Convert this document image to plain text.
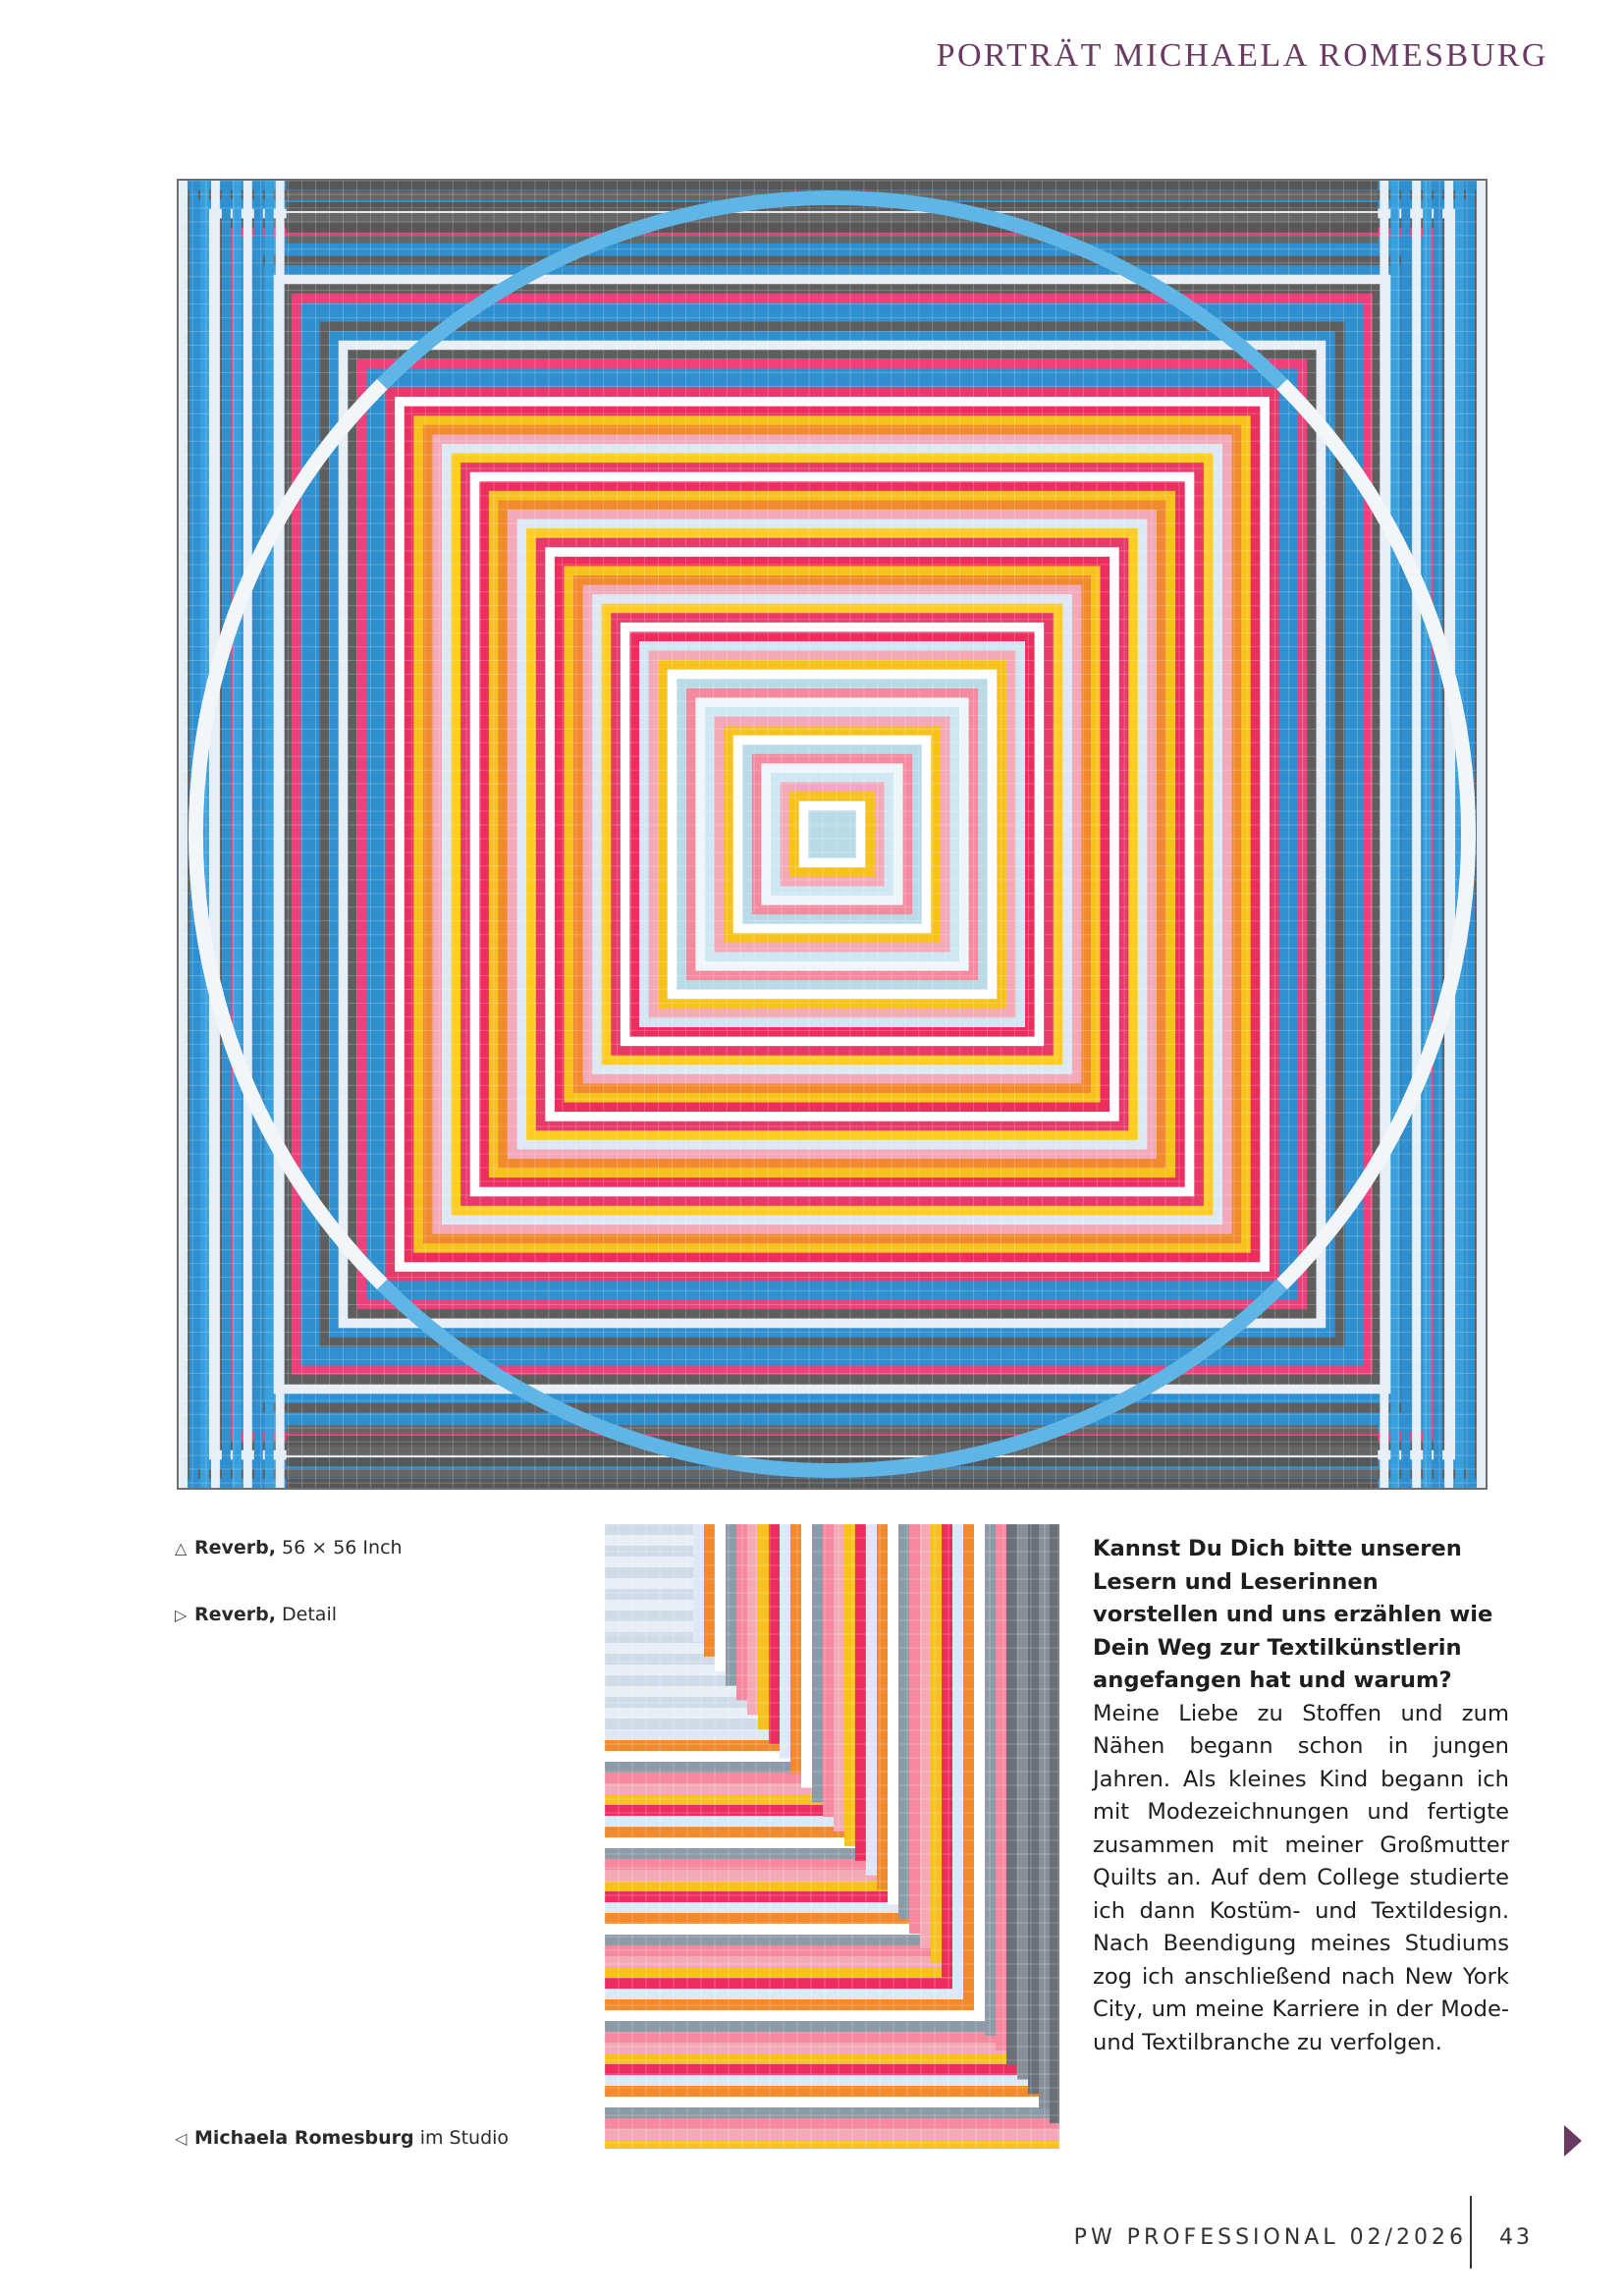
PORTRÄT MICHAELA ROMESBURG
△ Reverb, 56 × 56 Inch
▷ Reverb, Detail
◁ Michaela Romesburg im Studio

Kannst Du Dich bitte unseren Lesern und Leserinnen vorstellen und uns erzählen wie Dein Weg zur Textilkünstlerin angefangen hat und warum?

Meine Liebe zu Stoffen und zum Nähen begann schon in jungen Jahren. Als kleines Kind begann ich mit Modezeichnungen und fertigte zusammen mit meiner Großmutter Quilts an. Auf dem College studierte ich dann Kostüm- und Textildesign. Nach Beendigung meines Studiums zog ich anschließend nach New York City, um meine Karriere in der Mode- und Textilbranche zu verfolgen.

PW PROFESSIONAL 02/2026 43
